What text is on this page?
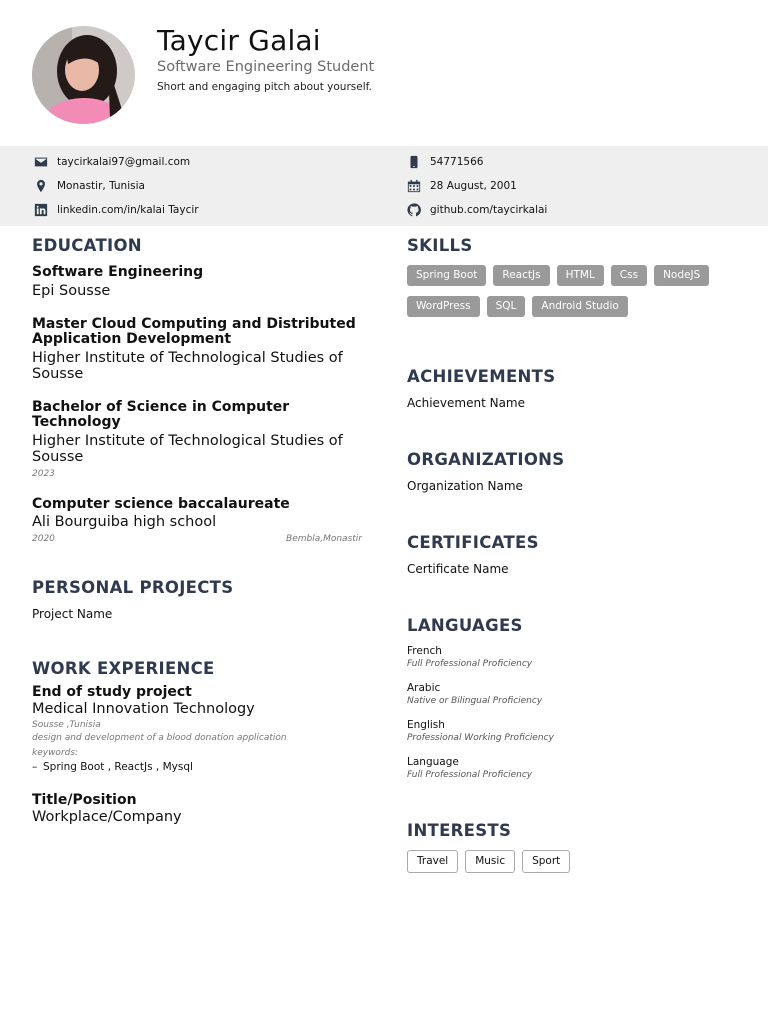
Taycir Galai
Software Engineering Student
Short and engaging pitch about yourself.
taycirkalai97@gmail.com	54771566
Monastir, Tunisia	28 August, 2001
linkedin.com/in/kalai Taycir	github.com/taycirkalai
EDUCATION
Software Engineering
Epi Sousse
Master Cloud Computing and Distributed Application Development
Higher Institute of Technological Studies of Sousse
Bachelor of Science in Computer Technology
Higher Institute of Technological Studies of Sousse
2023
Computer science baccalaureate
Ali Bourguiba high school
2020	Bembla,Monastir
PERSONAL PROJECTS
Project Name
WORK EXPERIENCE
End of study project
Medical Innovation Technology
Sousse ,Tunisia
design and development of a blood donation application
keywords:
– Spring Boot , ReactJs , Mysql
Title/Position
Workplace/Company
SKILLS
Spring Boot	ReactJs	HTML	Css	NodeJS
WordPress	SQL	Android Studio
ACHIEVEMENTS
Achievement Name
ORGANIZATIONS
Organization Name
CERTIFICATES
Certificate Name
LANGUAGES
French
Full Professional Proficiency
Arabic
Native or Bilingual Proficiency
English
Professional Working Proficiency
Language
Full Professional Proficiency
INTERESTS
Travel	Music	Sport
